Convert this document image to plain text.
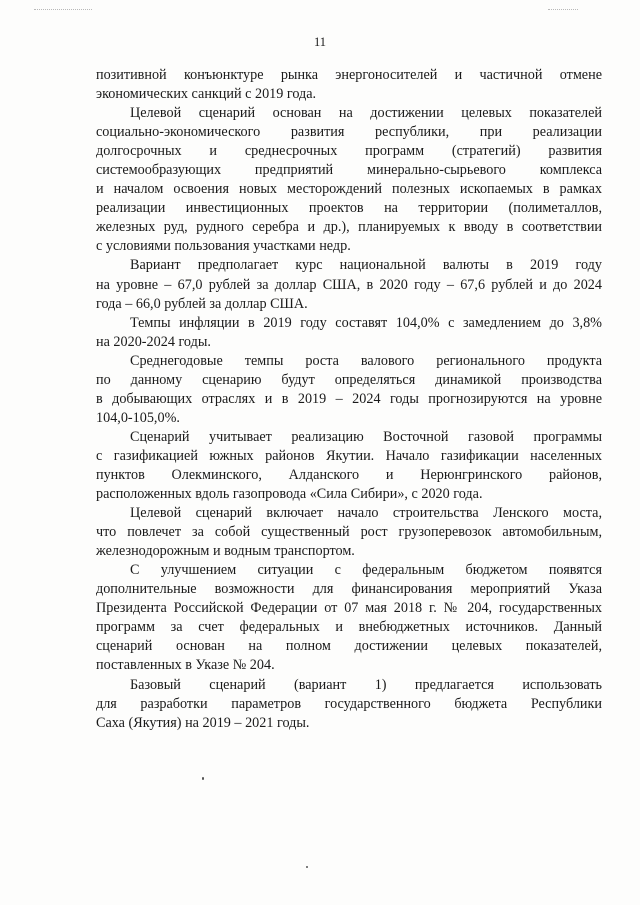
11
позитивной конъюнктуре рынка энергоносителей и частичной отмене
экономических санкций с 2019 года.
Целевой сценарий основан на достижении целевых показателей
социально-экономического развития республики, при реализации
долгосрочных и среднесрочных программ (стратегий) развития
системообразующих предприятий минерально-сырьевого комплекса
и началом освоения новых месторождений полезных ископаемых в рамках
реализации инвестиционных проектов на территории (полиметаллов,
железных руд, рудного серебра и др.), планируемых к вводу в соответствии
с условиями пользования участками недр.
Вариант предполагает курс национальной валюты в 2019 году
на уровне – 67,0 рублей за доллар США, в 2020 году – 67,6 рублей и до 2024
года – 66,0 рублей за доллар США.
Темпы инфляции в 2019 году составят 104,0% с замедлением до 3,8%
на 2020-2024 годы.
Среднегодовые темпы роста валового регионального продукта
по данному сценарию будут определяться динамикой производства
в добывающих отраслях и в 2019 – 2024 годы прогнозируются на уровне
104,0-105,0%.
Сценарий учитывает реализацию Восточной газовой программы
с газификацией южных районов Якутии. Начало газификации населенных
пунктов Олекминского, Алданского и Нерюнгринского районов,
расположенных вдоль газопровода «Сила Сибири», с 2020 года.
Целевой сценарий включает начало строительства Ленского моста,
что повлечет за собой существенный рост грузоперевозок автомобильным,
железнодорожным и водным транспортом.
С улучшением ситуации с федеральным бюджетом появятся
дополнительные возможности для финансирования мероприятий Указа
Президента Российской Федерации от 07 мая 2018 г. № 204, государственных
программ за счет федеральных и внебюджетных источников. Данный
сценарий основан на полном достижении целевых показателей,
поставленных в Указе № 204.
Базовый сценарий (вариант 1) предлагается использовать
для разработки параметров государственного бюджета Республики
Саха (Якутия) на 2019 – 2021 годы.
